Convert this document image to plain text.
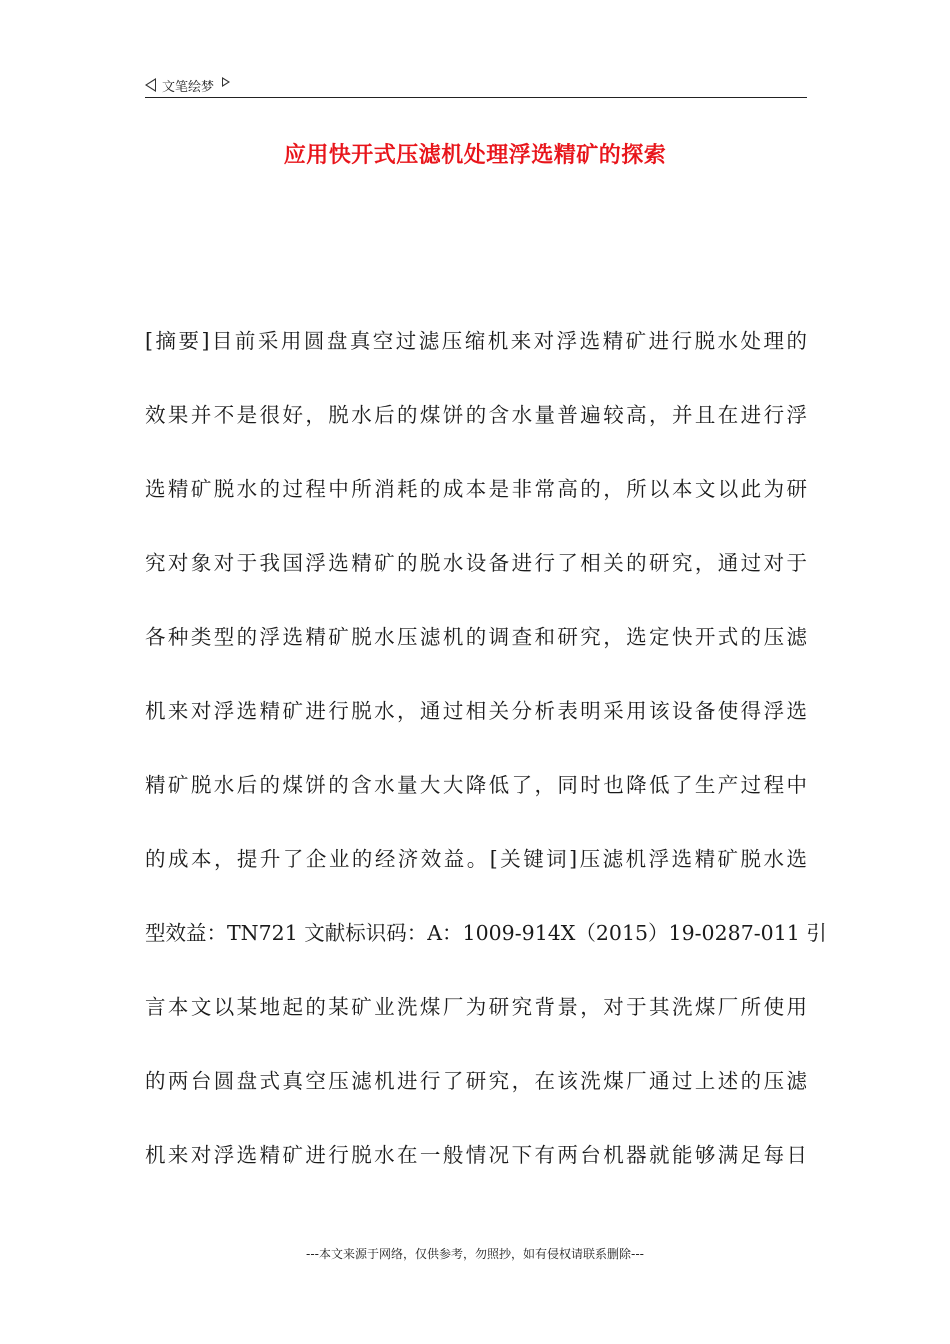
文笔绘梦
应用快开式压滤机处理浮选精矿的探索
[摘要]目前采用圆盘真空过滤压缩机来对浮选精矿进行脱水处理的
效果并不是很好，脱水后的煤饼的含水量普遍较高，并且在进行浮
选精矿脱水的过程中所消耗的成本是非常高的，所以本文以此为研
究对象对于我国浮选精矿的脱水设备进行了相关的研究，通过对于
各种类型的浮选精矿脱水压滤机的调查和研究，选定快开式的压滤
机来对浮选精矿进行脱水，通过相关分析表明采用该设备使得浮选
精矿脱水后的煤饼的含水量大大降低了，同时也降低了生产过程中
的成本，提升了企业的经济效益。[关键词]压滤机浮选精矿脱水选
型效益：TN721 文献标识码：A：1009-914X（2015）19-0287-011 引
言本文以某地起的某矿业洗煤厂为研究背景，对于其洗煤厂所使用
的两台圆盘式真空压滤机进行了研究，在该洗煤厂通过上述的压滤
机来对浮选精矿进行脱水在一般情况下有两台机器就能够满足每日
---本文来源于网络，仅供参考，勿照抄，如有侵权请联系删除---
